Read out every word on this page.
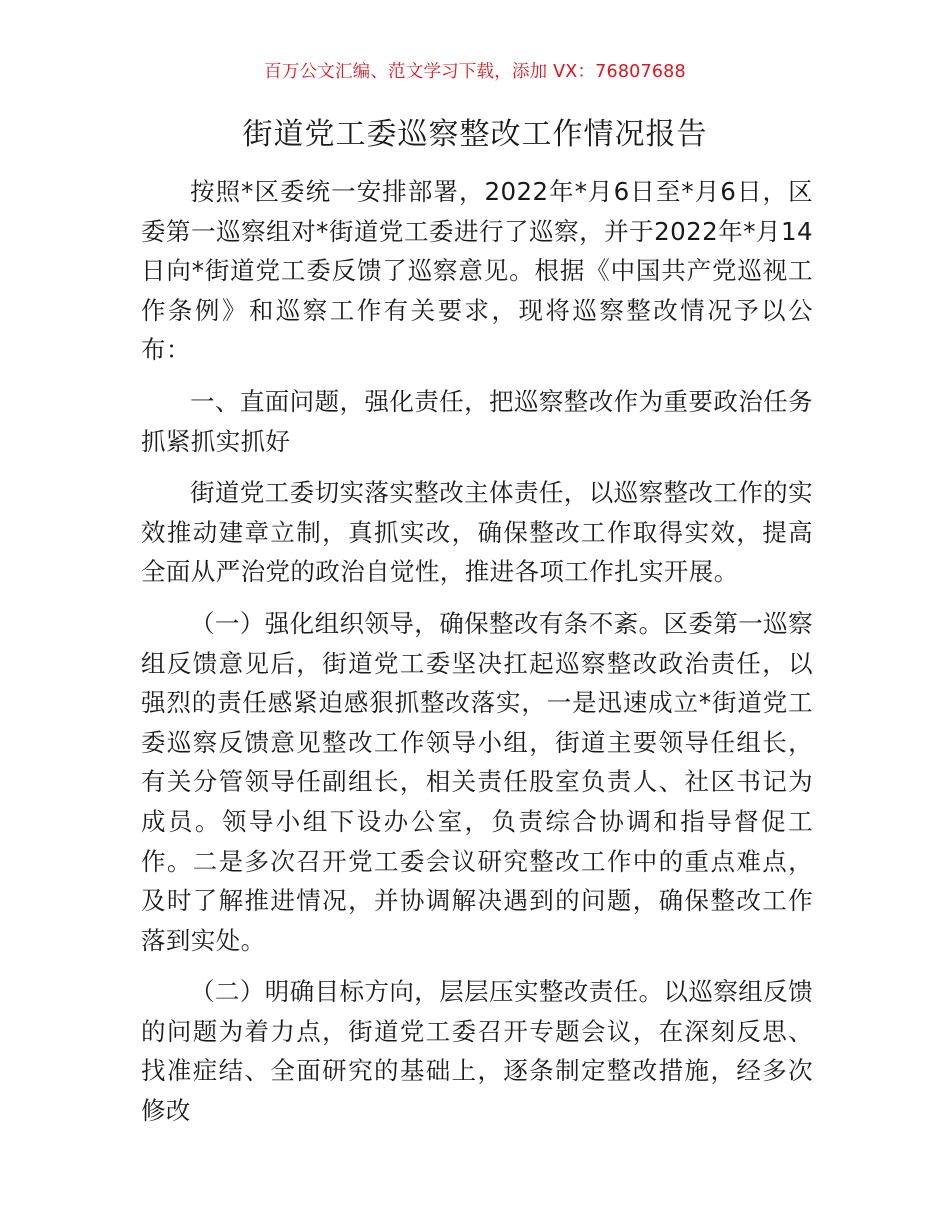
百万公文汇编、范文学习下载，添加 VX：76807688
街道党工委巡察整改工作情况报告

按照*区委统一安排部署，2022年*月6日至*月6日，区委第一巡察组对*街道党工委进行了巡察，并于2022年*月14日向*街道党工委反馈了巡察意见。根据《中国共产党巡视工作条例》和巡察工作有关要求，现将巡察整改情况予以公布：

一、直面问题，强化责任，把巡察整改作为重要政治任务抓紧抓实抓好

街道党工委切实落实整改主体责任，以巡察整改工作的实效推动建章立制，真抓实改，确保整改工作取得实效，提高全面从严治党的政治自觉性，推进各项工作扎实开展。

（一）强化组织领导，确保整改有条不紊。区委第一巡察组反馈意见后，街道党工委坚决扛起巡察整改政治责任，以强烈的责任感紧迫感狠抓整改落实，一是迅速成立*街道党工委巡察反馈意见整改工作领导小组，街道主要领导任组长，有关分管领导任副组长，相关责任股室负责人、社区书记为成员。领导小组下设办公室，负责综合协调和指导督促工作。二是多次召开党工委会议研究整改工作中的重点难点，及时了解推进情况，并协调解决遇到的问题，确保整改工作落到实处。

（二）明确目标方向，层层压实整改责任。以巡察组反馈的问题为着力点，街道党工委召开专题会议，在深刻反思、找准症结、全面研究的基础上，逐条制定整改措施，经多次修改
